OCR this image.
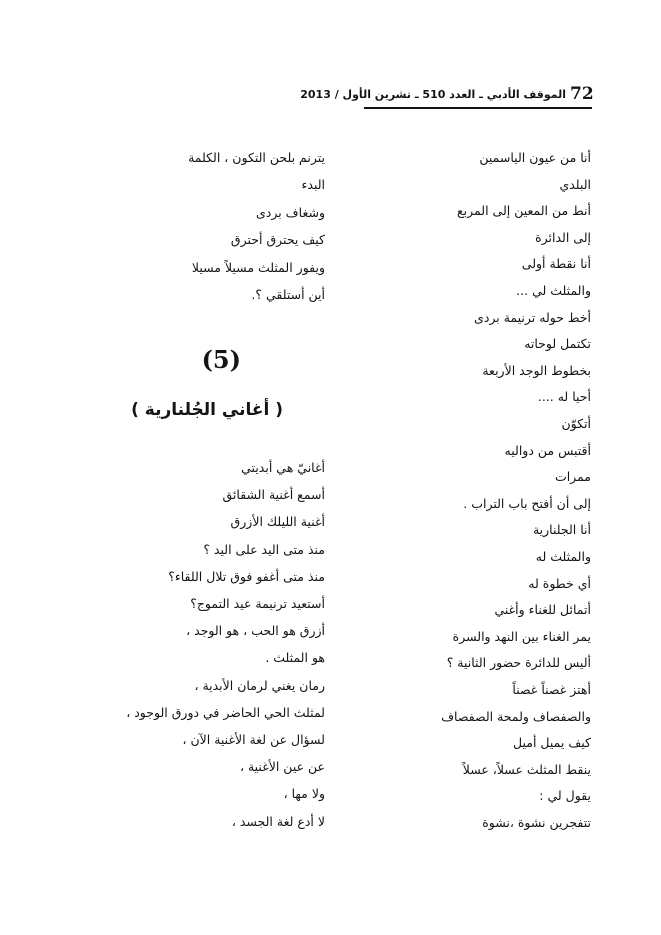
72
الموقف الأدبي ـ العدد 510 ـ تشرين الأول / 2013
أنا من عيون الياسمين
البلدي
أنط من المعين إلى المربع
إلى الدائرة
أنا نقطة أولى
والمثلث لي ...
أخط حوله ترنيمة بردى
تكتمل لوحاته
بخطوط الوجد الأربعة
أحيا له ....
أتكوّن
أقتبس من دواليه
ممرات
إلى أن أفتح باب التراب .
أنا الجلنارية
والمثلث له
أي خطوة له
أتمائل للغناء وأغني
يمر الغناء بين النهد والسرة
أليس للدائرة حضور الثانية ؟
أهتز غصناً غصناً
والصفصاف ولمحة الصفصاف
كيف يميل أميل
ينقط المثلث عسلاً، عسلاً
يقول لي :
تتفجرين نشوة ،نشوة
يترنم بلحن التكون ، الكلمة
البدء
وشغاف بردى
كيف يحترق أحترق
ويفور المثلث مسيلاً مسيلا
أين أستلقي ؟.
(5)
( أغاني الجُلنارية )
أغانيّ هي أبديتي
أسمع أغنية الشقائق
أغنية الليلك الأزرق
منذ متى اليد على اليد ؟
منذ متى أغفو فوق تلال اللقاء؟
أستعيد ترنيمة عيد التموج؟
أزرق هو الحب ، هو الوجد ،
هو المثلث .
رمان يغني لرمان الأبدية ،
لمثلث الحي الحاضر في دورق الوجود ،
لسؤال عن لغة الأغنية الآن ،
عن عين الأغنية ،
ولا مها ،
لا أدع لغة الجسد ،
